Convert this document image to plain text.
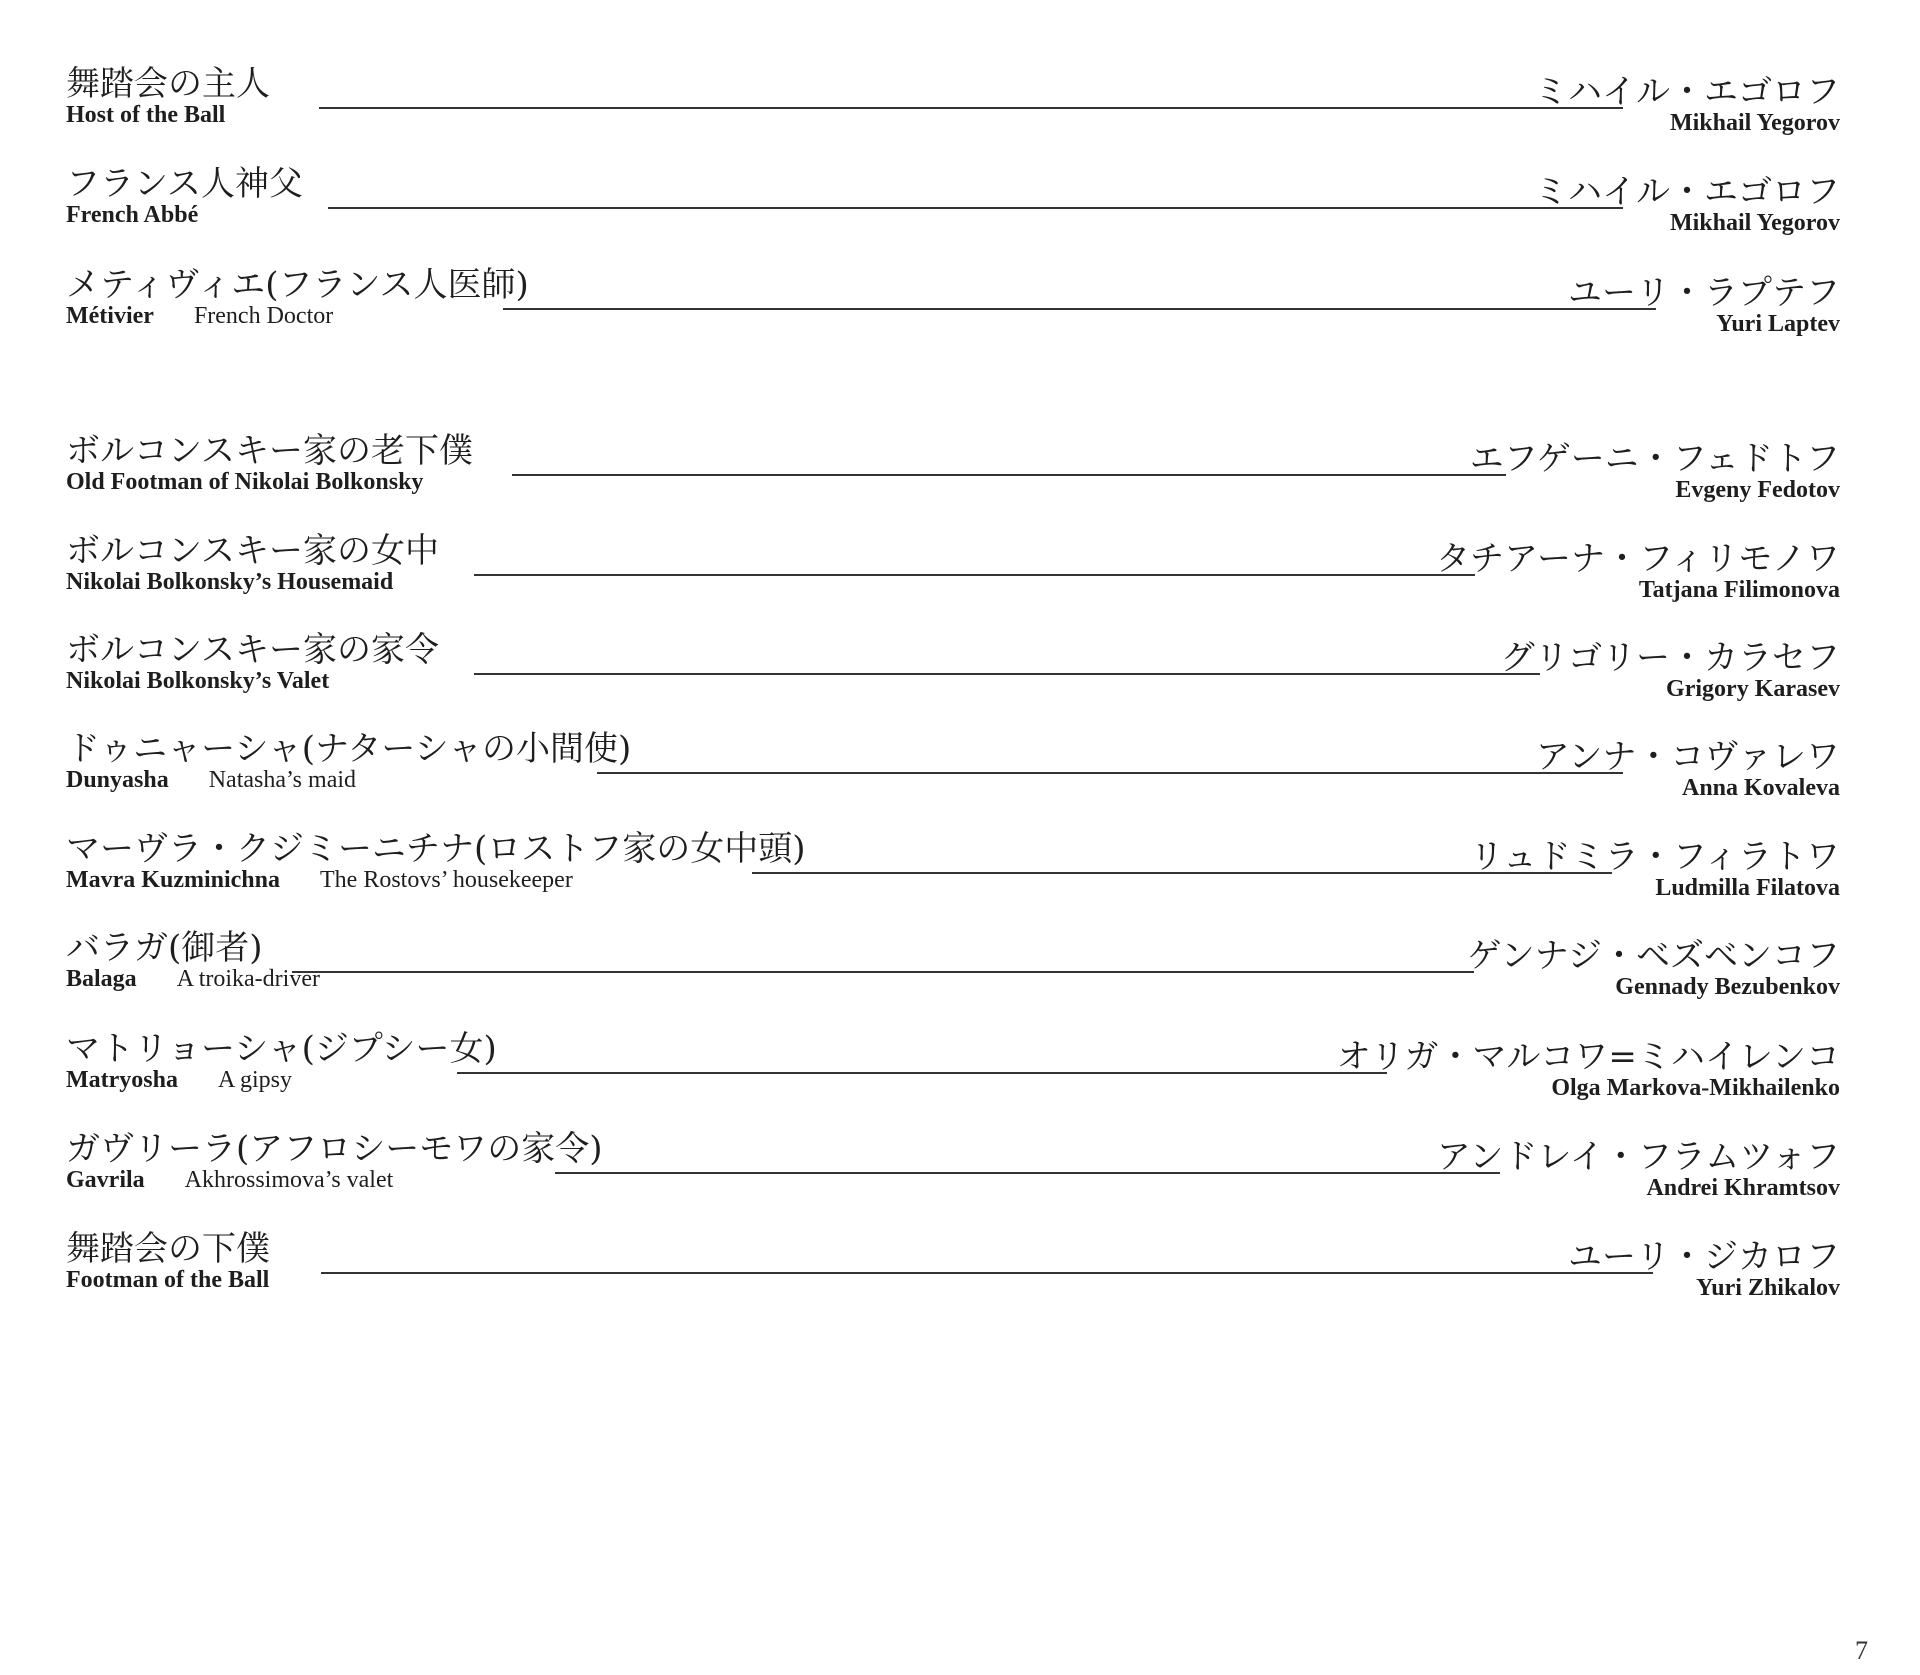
舞踏会の主人
Host of the Ball
ミハイル・エゴロフ
Mikhail Yegorov
フランス人神父
French Abbé
ミハイル・エゴロフ
Mikhail Yegorov
メティヴィエ(フランス人医師)
Métivier French Doctor
ユーリ・ラプテフ
Yuri Laptev
ボルコンスキー家の老下僕
Old Footman of Nikolai Bolkonsky
エフゲーニ・フェドトフ
Evgeny Fedotov
ボルコンスキー家の女中
Nikolai Bolkonsky’s Housemaid
タチアーナ・フィリモノワ
Tatjana Filimonova
ボルコンスキー家の家令
Nikolai Bolkonsky’s Valet
グリゴリー・カラセフ
Grigory Karasev
ドゥニャーシャ(ナターシャの小間使)
Dunyasha Natasha’s maid
アンナ・コヴァレワ
Anna Kovaleva
マーヴラ・クジミーニチナ(ロストフ家の女中頭)
Mavra Kuzminichna The Rostovs’ housekeeper
リュドミラ・フィラトワ
Ludmilla Filatova
バラガ(御者)
Balaga A troika-driver
ゲンナジ・ベズベンコフ
Gennady Bezubenkov
マトリョーシャ(ジプシー女)
Matryosha A gipsy
オリガ・マルコワ=ミハイレンコ
Olga Markova-Mikhailenko
ガヴリーラ(アフロシーモワの家令)
Gavrila Akhrossimova’s valet
アンドレイ・フラムツォフ
Andrei Khramtsov
舞踏会の下僕
Footman of the Ball
ユーリ・ジカロフ
Yuri Zhikalov
7
